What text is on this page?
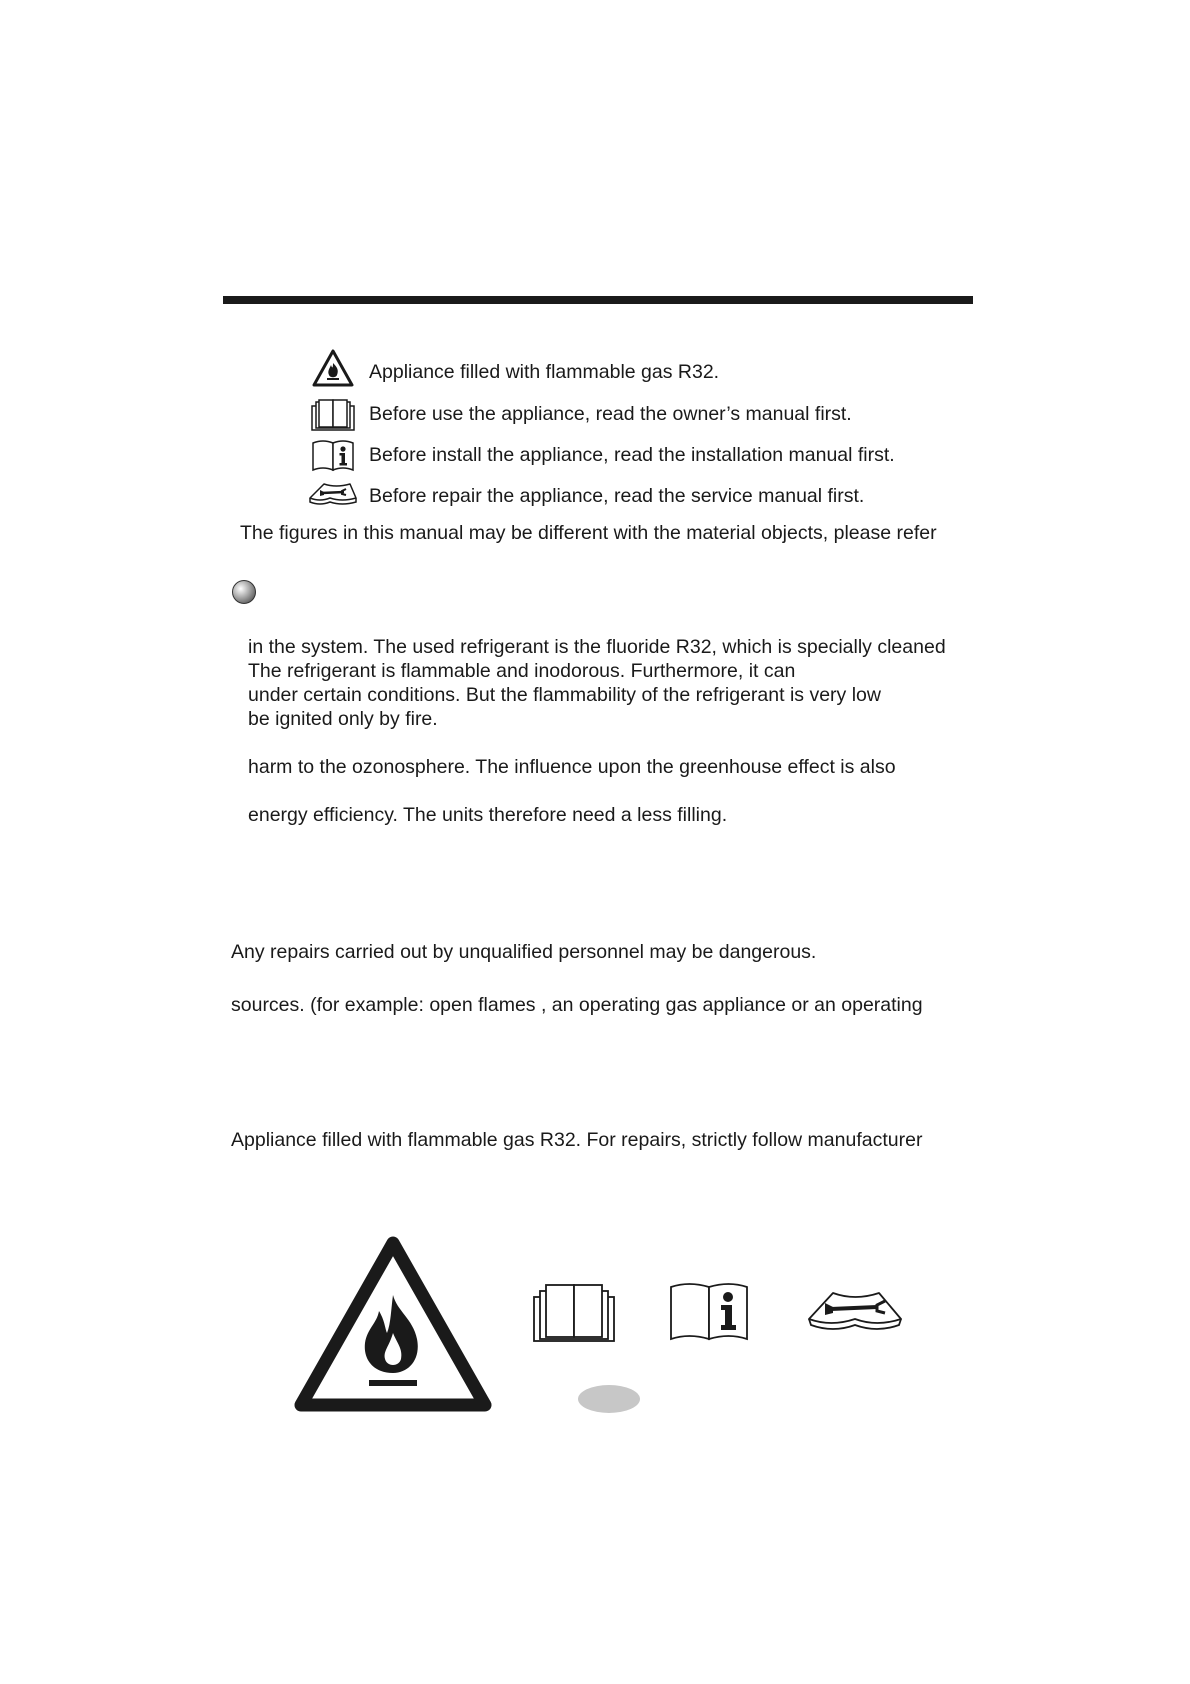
Appliance filled with flammable gas R32.
Before use the appliance, read the owner’s manual first.
Before install the appliance, read the installation manual first.
Before repair the appliance, read the service manual first.
The figures in this manual may be different with the material objects, please refer
in the system. The used refrigerant is the fluoride R32, which is specially cleaned
The refrigerant is flammable and inodorous. Furthermore, it can
under certain conditions. But the flammability of the refrigerant is very low
be ignited only by fire.
harm to the ozonosphere. The influence upon the greenhouse effect is also
energy efficiency. The units therefore need a less filling.
Any repairs carried out by unqualified personnel may be dangerous.
sources. (for example: open flames , an operating gas appliance or an operating
Appliance filled with flammable gas R32. For repairs, strictly follow manufacturer
